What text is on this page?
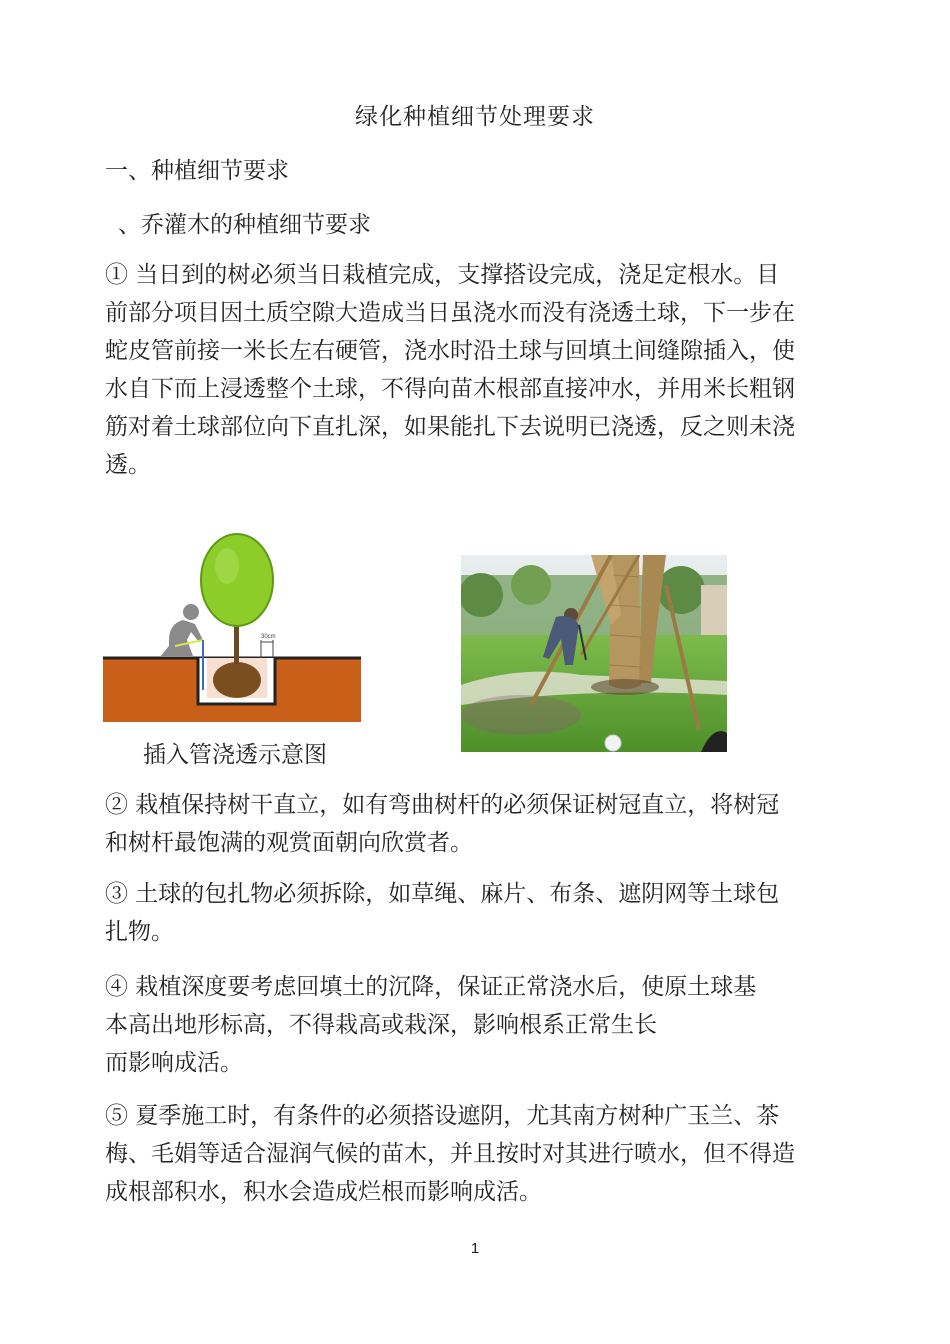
绿化种植细节处理要求
一、种植细节要求
、乔灌木的种植细节要求
① 当日到的树必须当日栽植完成，支撑搭设完成，浇足定根水。目
前部分项目因土质空隙大造成当日虽浇水而没有浇透土球，下一步在
蛇皮管前接一米长左右硬管，浇水时沿土球与回填土间缝隙插入，使
水自下而上浸透整个土球，不得向苗木根部直接冲水，并用米长粗钢
筋对着土球部位向下直扎深，如果能扎下去说明已浇透，反之则未浇
透。
30cm
插入管浇透示意图
② 栽植保持树干直立，如有弯曲树杆的必须保证树冠直立，将树冠
和树杆最饱满的观赏面朝向欣赏者。
③ 土球的包扎物必须拆除，如草绳、麻片、布条、遮阴网等土球包
扎物。
④ 栽植深度要考虑回填土的沉降，保证正常浇水后，使原土球基
本高出地形标高，不得栽高或栽深，影响根系正常生长
而影响成活。
⑤ 夏季施工时，有条件的必须搭设遮阴，尤其南方树种广玉兰、茶
梅、毛娟等适合湿润气候的苗木，并且按时对其进行喷水，但不得造
成根部积水，积水会造成烂根而影响成活。
1
